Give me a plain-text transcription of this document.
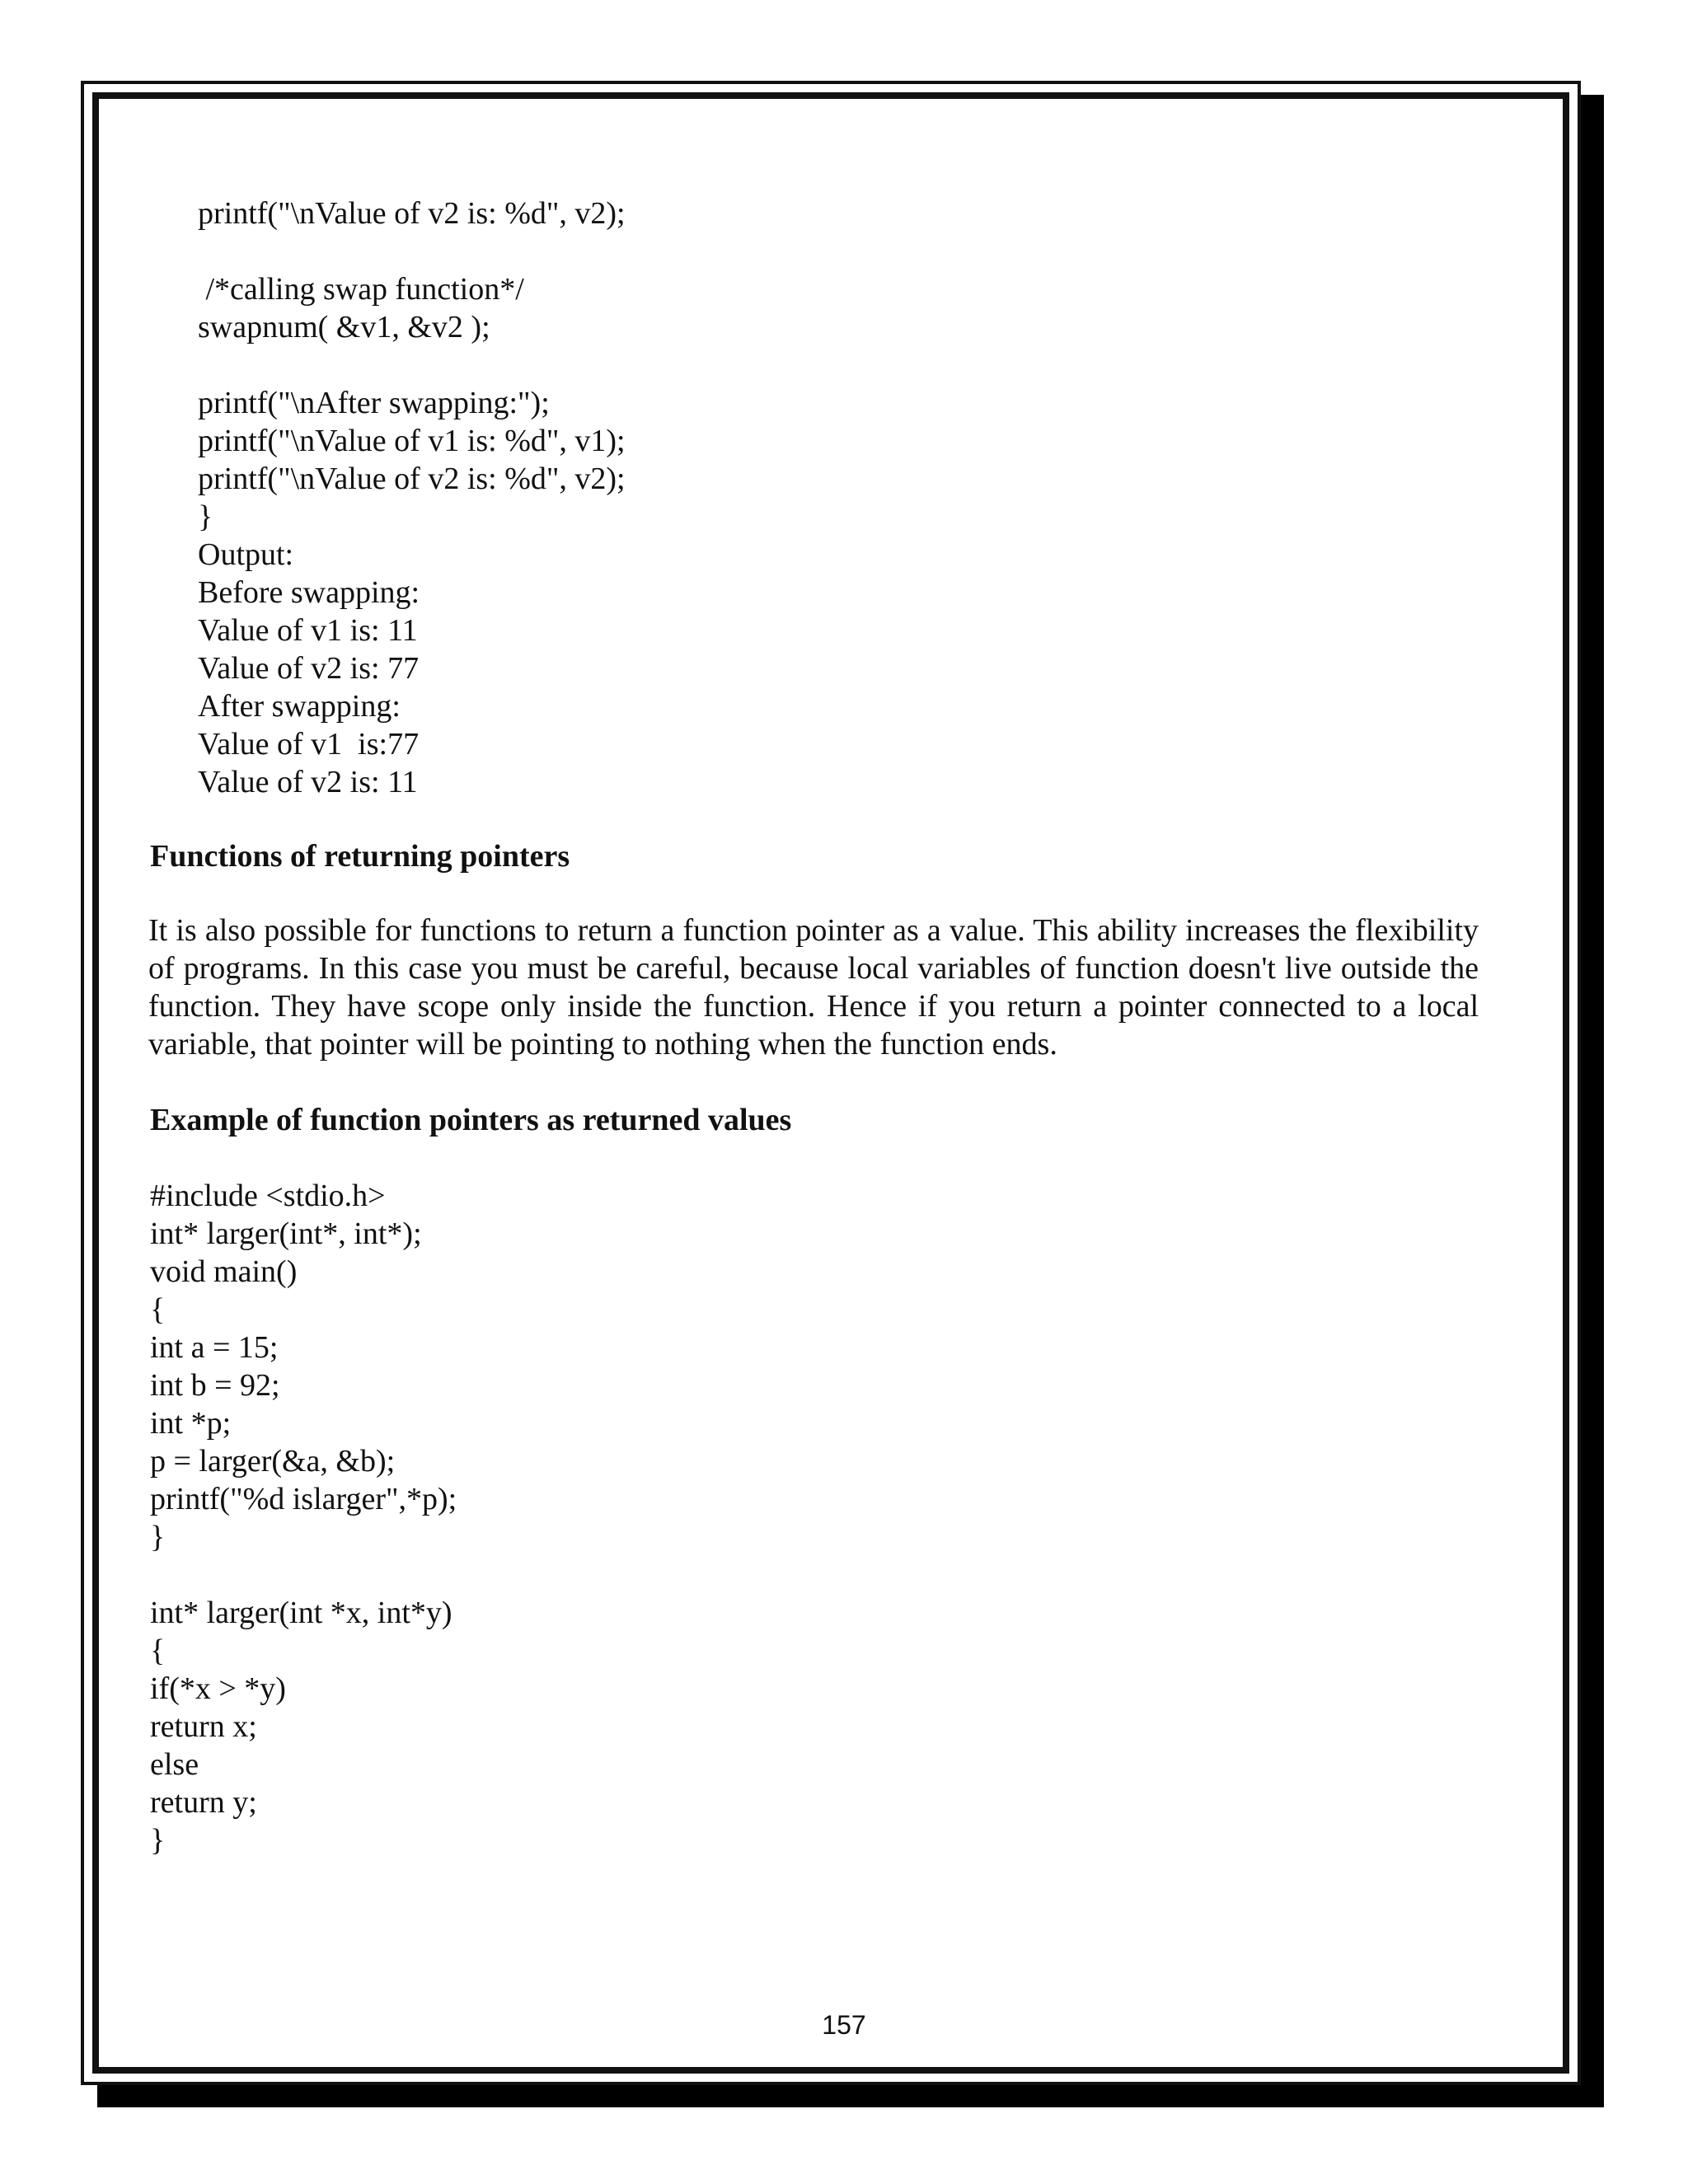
printf("\nValue of v2 is: %d", v2);

/*calling swap function*/

swapnum( &v1, &v2 );

printf("\nAfter swapping:");

printf("\nValue of v1 is: %d", v1);

printf("\nValue of v2 is: %d", v2);

}

Output:

Before swapping:

Value of v1 is: 11

Value of v2 is: 77

After swapping:

Value of v1  is:77

Value of v2 is: 11

Functions of returning pointers

It is also possible for functions to return a function pointer as a value. This ability increases the flexibility of programs. In this case you must be careful, because local variables of function doesn't live outside the function. They have scope only inside the function. Hence if you return a pointer connected to a local variable, that pointer will be pointing to nothing when the function ends.

Example of function pointers as returned values

#include <stdio.h>

int* larger(int*, int*);

void main()

{

int a = 15;

int b = 92;

int *p;

p = larger(&a, &b);

printf("%d islarger",*p);

}

int* larger(int *x, int*y)

{

if(*x > *y)

return x;

else

return y;

}

157
